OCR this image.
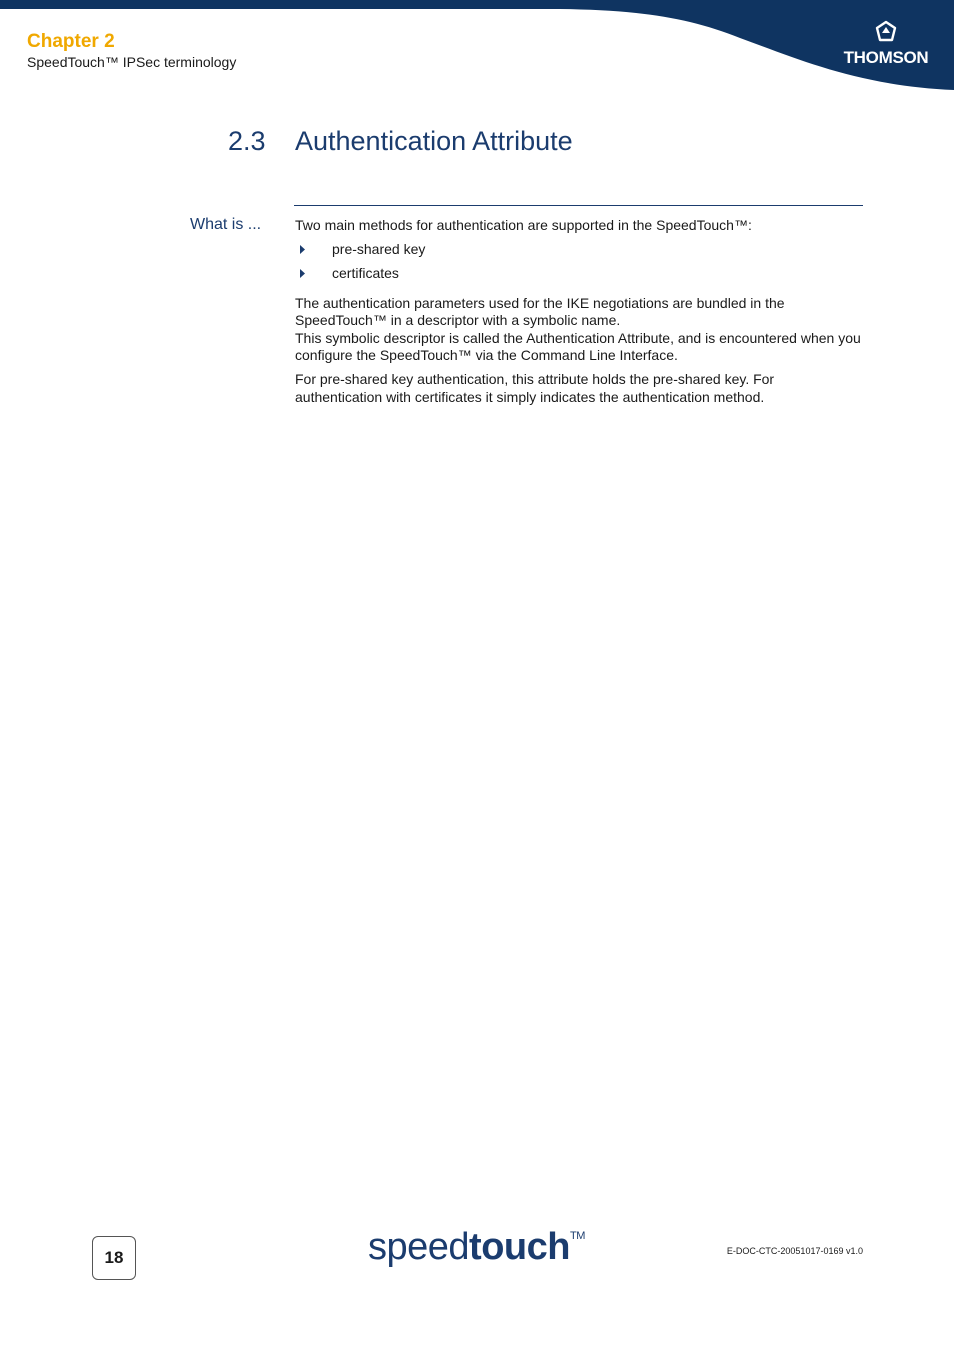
Chapter 2
SpeedTouch™ IPSec terminology	THOMSON
2.3 Authentication Attribute
What is ... Two main methods for authentication are supported in the SpeedTouch™:

pre-shared key
certificates

The authentication parameters used for the IKE negotiations are bundled in the SpeedTouch™ in a descriptor with a symbolic name.
This symbolic descriptor is called the Authentication Attribute, and is encountered when you configure the SpeedTouch™ via the Command Line Interface.

For pre-shared key authentication, this attribute holds the pre-shared key. For authentication with certificates it simply indicates the authentication method.

18	speedtouch™
E-DOC-CTC-20051017-0169 v1.0
